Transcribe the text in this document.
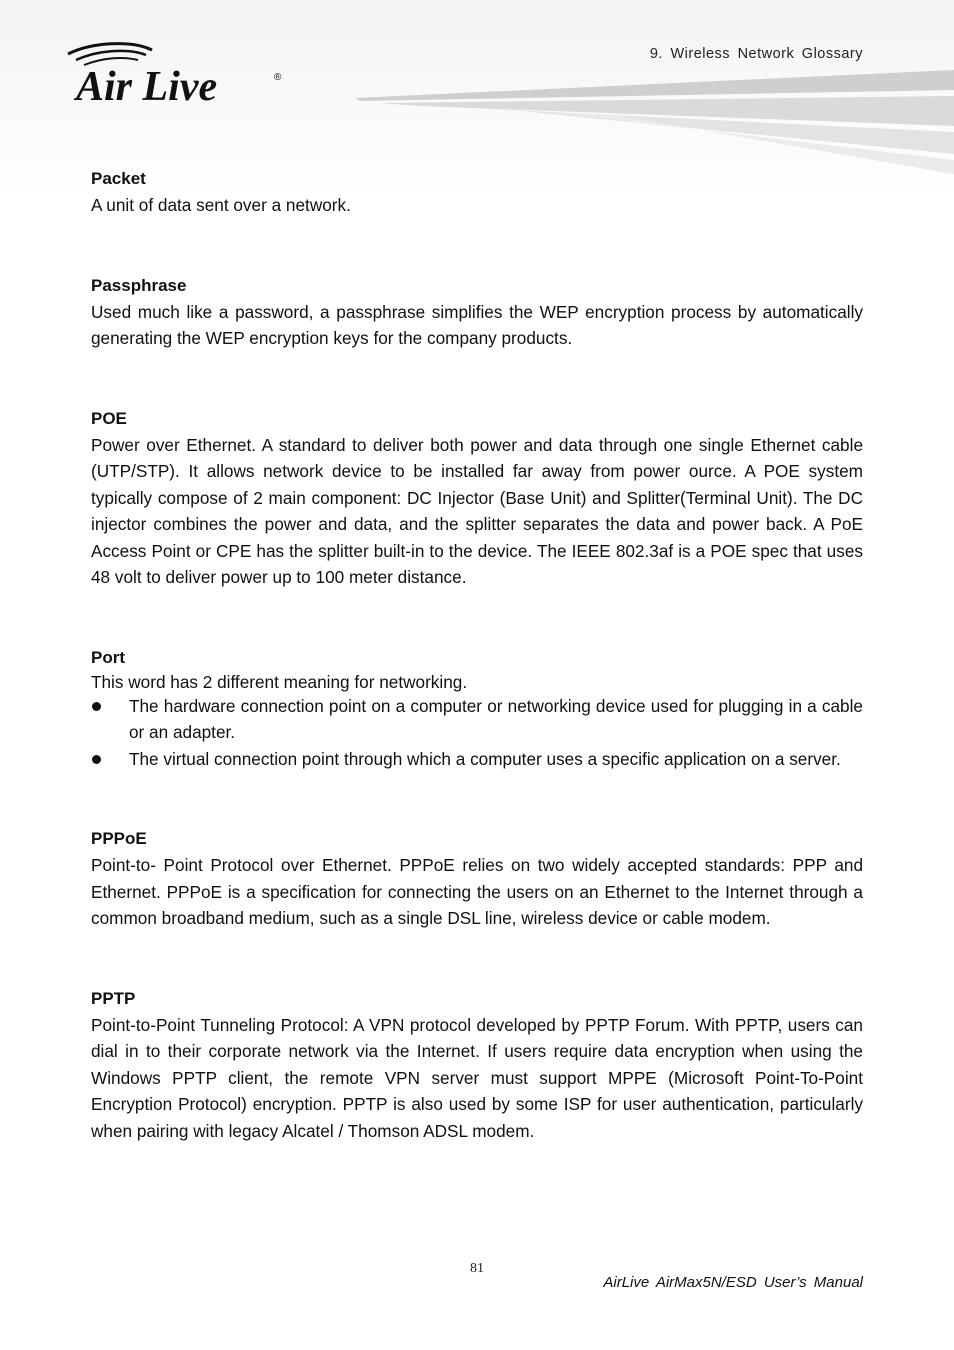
Air Live	®
9. Wireless Network Glossary

Packet

A unit of data sent over a network.

Passphrase

Used much like a password, a passphrase simplifies the WEP encryption process by automatically generating the WEP encryption keys for the company products.

POE

Power over Ethernet. A standard to deliver both power and data through one single Ethernet cable (UTP/STP). It allows network device to be installed far away from power ource. A POE system typically compose of 2 main component: DC Injector (Base Unit) and Splitter(Terminal Unit). The DC injector combines the power and data, and the splitter separates the data and power back. A PoE Access Point or CPE has the splitter built-in to the device. The IEEE 802.3af is a POE spec that uses 48 volt to deliver power up to 100 meter distance.

Port

This word has 2 different meaning for networking.

The hardware connection point on a computer or networking device used for plugging in a cable or an adapter.
The virtual connection point through which a computer uses a specific application on a server.

PPPoE

Point-to- Point Protocol over Ethernet. PPPoE relies on two widely accepted standards: PPP and Ethernet. PPPoE is a specification for connecting the users on an Ethernet to the Internet through a common broadband medium, such as a single DSL line, wireless device or cable modem.

PPTP

Point-to-Point Tunneling Protocol: A VPN protocol developed by PPTP Forum. With PPTP, users can dial in to their corporate network via the Internet. If users require data encryption when using the Windows PPTP client, the remote VPN server must support MPPE (Microsoft Point-To-Point Encryption Protocol) encryption. PPTP is also used by some ISP for user authentication, particularly when pairing with legacy Alcatel / Thomson ADSL modem.

81
AirLive AirMax5N/ESD User’s Manual
